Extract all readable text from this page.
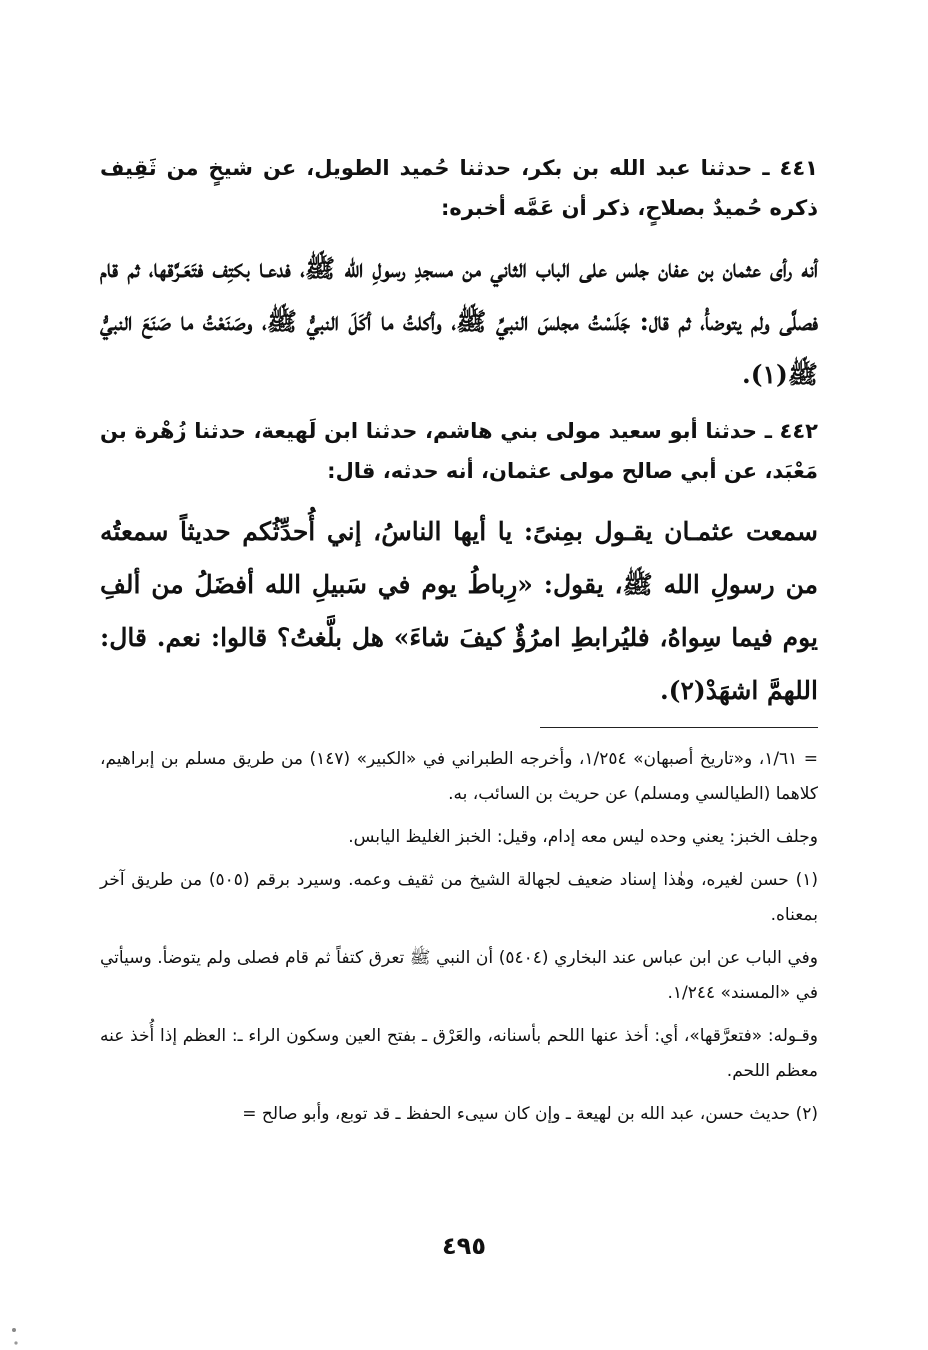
٤٤١ ـ حدثنا عبد الله بن بكر، حدثنا حُميد الطويل، عن شيخٍ من ثَقِيف ذكره حُميدٌ بصلاحٍ، ذكر أن عَمَّه أخبره:

أنه رأى عثمان بن عفان جلس على الباب الثاني من مسجدِ رسولِ الله ﷺ، فدعـا بكتِف فتَعَـرَّقها، ثم قام فصلَّى ولم يتوضأْ، ثم قال: جَلَسْتُ مجلسَ النبيِّ ﷺ، وأكلتُ ما أكَلَ النبيُّ ﷺ، وصَنَعْتُ ما صَنَعَ النبيُّ ﷺ(١).

٤٤٢ ـ حدثنا أبو سعيد مولى بني هاشم، حدثنا ابن لَهيعة، حدثنا زُهْرة بن مَعْبَد، عن أبي صالح مولى عثمان، أنه حدثه، قال:

سمعت عثمـان يقـول بمِنىً: يا أيها الناسُ، إني أُحدِّثُكم حديثاً سمعتُه من رسولِ الله ﷺ، يقول: «رِباطُ يوم في سَبيلِ الله أفضَلُ من ألفِ يوم فيما سِواهُ، فليُرابطِ امرُؤٌ كيفَ شاءَ» هل بلَّغتُ؟ قالوا: نعم. قال: اللهمَّ اشهَدْ(٢).

= ١/٦١، و«تاريخ أصبهان» ١/٢٥٤، وأخرجه الطبراني في «الكبير» (١٤٧) من طريق مسلم بن إبراهيم، كلاهما (الطيالسي ومسلم) عن حريث بن السائب، به.

وجلف الخبز: يعني وحده ليس معه إدام، وقيل: الخبز الغليظ اليابس.

(١) حسن لغيره، وهٰذا إسناد ضعيف لجهالة الشيخ من ثقيف وعمه. وسيرد برقم (٥٠٥) من طريق آخر بمعناه.

وفي الباب عن ابن عباس عند البخاري (٥٤٠٤) أن النبي ﷺ تعرق كتفاً ثم قام فصلى ولم يتوضأ. وسيأتي في «المسند» ١/٢٤٤.

وقـوله: «فتعرَّقها»، أي: أخذ عنها اللحم بأسنانه، والعَرْق ـ بفتح العين وسكون الراء ـ: العظم إذا أُخذ عنه معظم اللحم.

(٢) حديث حسن، عبد الله بن لهيعة ـ وإن كان سيىء الحفظ ـ قد توبع، وأبو صالح =

٤٩٥
